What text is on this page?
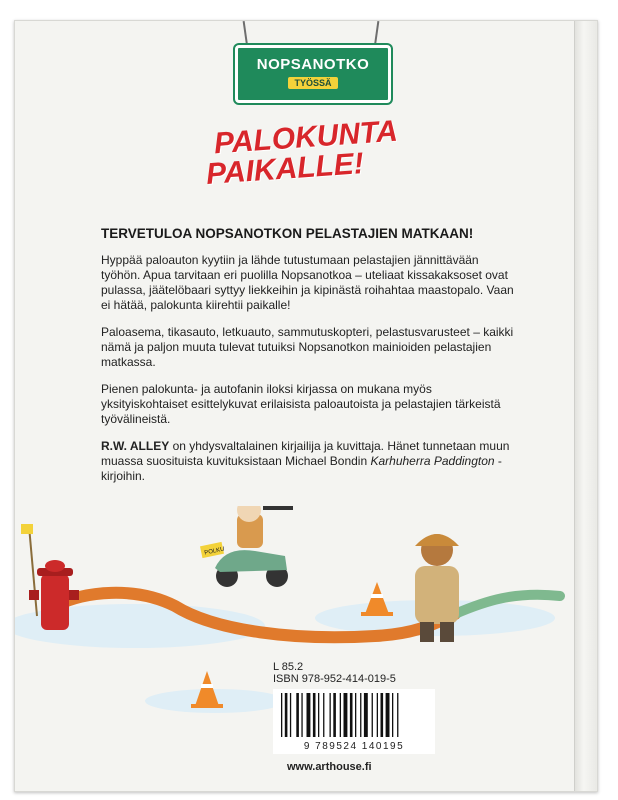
NOPSANOTKO
TYÖSSÄ
PALOKUNTA
PAIKALLE!
TERVETULOA NOPSANOTKON PELASTAJIEN MATKAAN!

Hyppää paloauton kyytiin ja lähde tutustumaan pelastajien jännittävään työhön. Apua tarvitaan eri puolilla Nopsanotkoa – uteliaat kissakaksoset ovat pulassa, jäätelöbaari syttyy liekkeihin ja kipinästä roihahtaa maastopalo. Vaan ei hätää, palokunta kiirehtii paikalle!

Paloasema, tikasauto, letkuauto, sammutuskopteri, pelastusvarusteet – kaikki nämä ja paljon muuta tulevat tutuiksi Nopsanotkon mainioiden pelastajien matkassa.

Pienen palokunta- ja autofanin iloksi kirjassa on mukana myös yksityiskohtaiset esittelykuvat erilaisista paloautoista ja pelastajien tärkeistä työvälineistä.

R.W. ALLEY on yhdysvaltalainen kirjailija ja kuvittaja. Hänet tunnetaan muun muassa suosituista kuvituksistaan Michael Bondin Karhuherra Paddington -kirjoihin.

POLKU
L 85.2
ISBN 978-952-414-019-5
9 789524 140195
www.arthouse.fi
